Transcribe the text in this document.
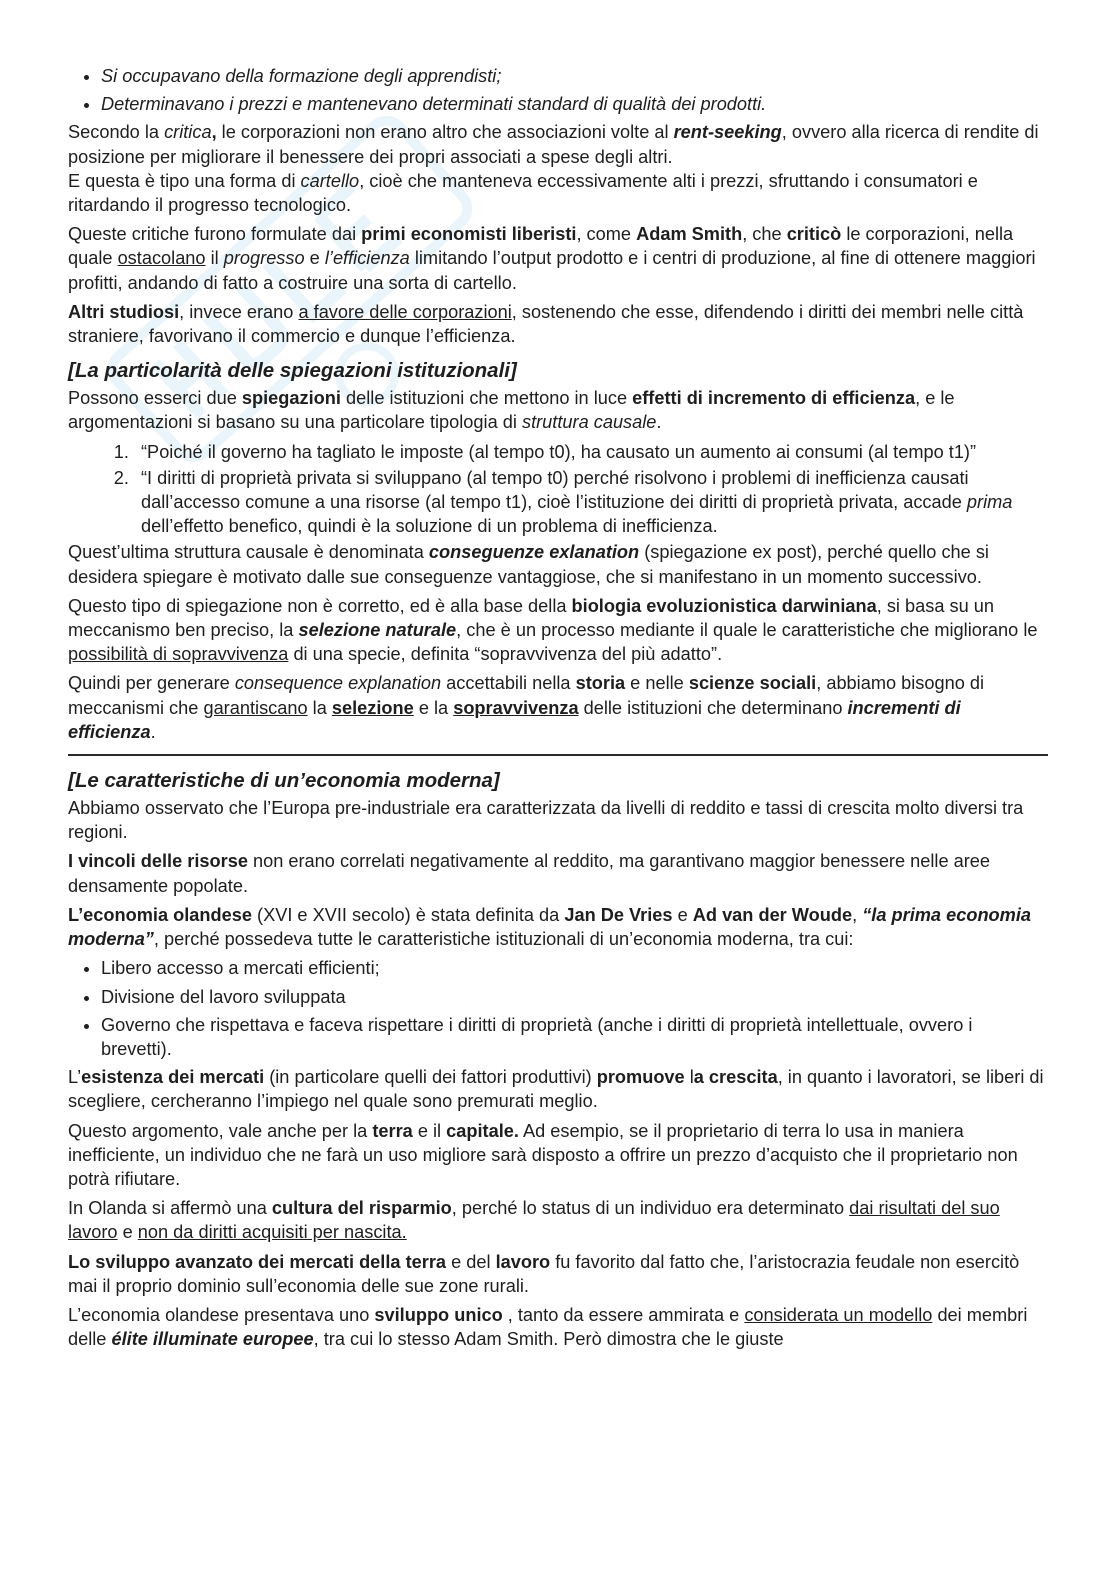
• Si occupavano della formazione degli apprendisti;
• Determinavano i prezzi e mantenevano determinati standard di qualità dei prodotti.

Secondo la critica, le corporazioni non erano altro che associazioni volte al rent-seeking, ovvero alla ricerca di rendite di posizione per migliorare il benessere dei propri associati a spese degli altri.
E questa è tipo una forma di cartello, cioè che manteneva eccessivamente alti i prezzi, sfruttando i consumatori e ritardando il progresso tecnologico.

Queste critiche furono formulate dai primi economisti liberisti, come Adam Smith, che criticò le corporazioni, nella quale ostacolano il progresso e l’efficienza limitando l’output prodotto e i centri di produzione, al fine di ottenere maggiori profitti, andando di fatto a costruire una sorta di cartello.

Altri studiosi, invece erano a favore delle corporazioni, sostenendo che esse, difendendo i diritti dei membri nelle città straniere, favorivano il commercio e dunque l’efficienza.

[La particolarità delle spiegazioni istituzionali]

Possono esserci due spiegazioni delle istituzioni che mettono in luce effetti di incremento di efficienza, e le argomentazioni si basano su una particolare tipologia di struttura causale.

1. “Poiché il governo ha tagliato le imposte (al tempo t0), ha causato un aumento ai consumi (al tempo t1)”
2. “I diritti di proprietà privata si sviluppano (al tempo t0) perché risolvono i problemi di inefficienza causati dall’accesso comune a una risorse (al tempo t1), cioè l’istituzione dei diritti di proprietà privata, accade prima dell’effetto benefico, quindi è la soluzione di un problema di inefficienza.

Quest’ultima struttura causale è denominata conseguenze exlanation (spiegazione ex post), perché quello che si desidera spiegare è motivato dalle sue conseguenze vantaggiose, che si manifestano in un momento successivo.

Questo tipo di spiegazione non è corretto, ed è alla base della biologia evoluzionistica darwiniana, si basa su un meccanismo ben preciso, la selezione naturale, che è un processo mediante il quale le caratteristiche che migliorano le possibilità di sopravvivenza di una specie, definita “sopravvivenza del più adatto”.

Quindi per generare consequence explanation accettabili nella storia e nelle scienze sociali, abbiamo bisogno di meccanismi che garantiscano la selezione e la sopravvivenza delle istituzioni che determinano incrementi di efficienza.

[Le caratteristiche di un’economia moderna]

Abbiamo osservato che l’Europa pre-industriale era caratterizzata da livelli di reddito e tassi di crescita molto diversi tra regioni.

I vincoli delle risorse non erano correlati negativamente al reddito, ma garantivano maggior benessere nelle aree densamente popolate.

L’economia olandese (XVI e XVII secolo) è stata definita da Jan De Vries e Ad van der Woude, “la prima economia moderna”, perché possedeva tutte le caratteristiche istituzionali di un’economia moderna, tra cui:

• Libero accesso a mercati efficienti;
• Divisione del lavoro sviluppata
• Governo che rispettava e faceva rispettare i diritti di proprietà (anche i diritti di proprietà intellettuale, ovvero i brevetti).

L’esistenza dei mercati (in particolare quelli dei fattori produttivi) promuove la crescita, in quanto i lavoratori, se liberi di scegliere, cercheranno l’impiego nel quale sono premurati meglio.

Questo argomento, vale anche per la terra e il capitale. Ad esempio, se il proprietario di terra lo usa in maniera inefficiente, un individuo che ne farà un uso migliore sarà disposto a offrire un prezzo d’acquisto che il proprietario non potrà rifiutare.

In Olanda si affermò una cultura del risparmio, perché lo status di un individuo era determinato dai risultati del suo lavoro e non da diritti acquisiti per nascita.

Lo sviluppo avanzato dei mercati della terra e del lavoro fu favorito dal fatto che, l’aristocrazia feudale non esercitò mai il proprio dominio sull’economia delle sue zone rurali.

L’economia olandese presentava uno sviluppo unico , tanto da essere ammirata e considerata un modello dei membri delle élite illuminate europee, tra cui lo stesso Adam Smith. Però dimostra che le giuste
